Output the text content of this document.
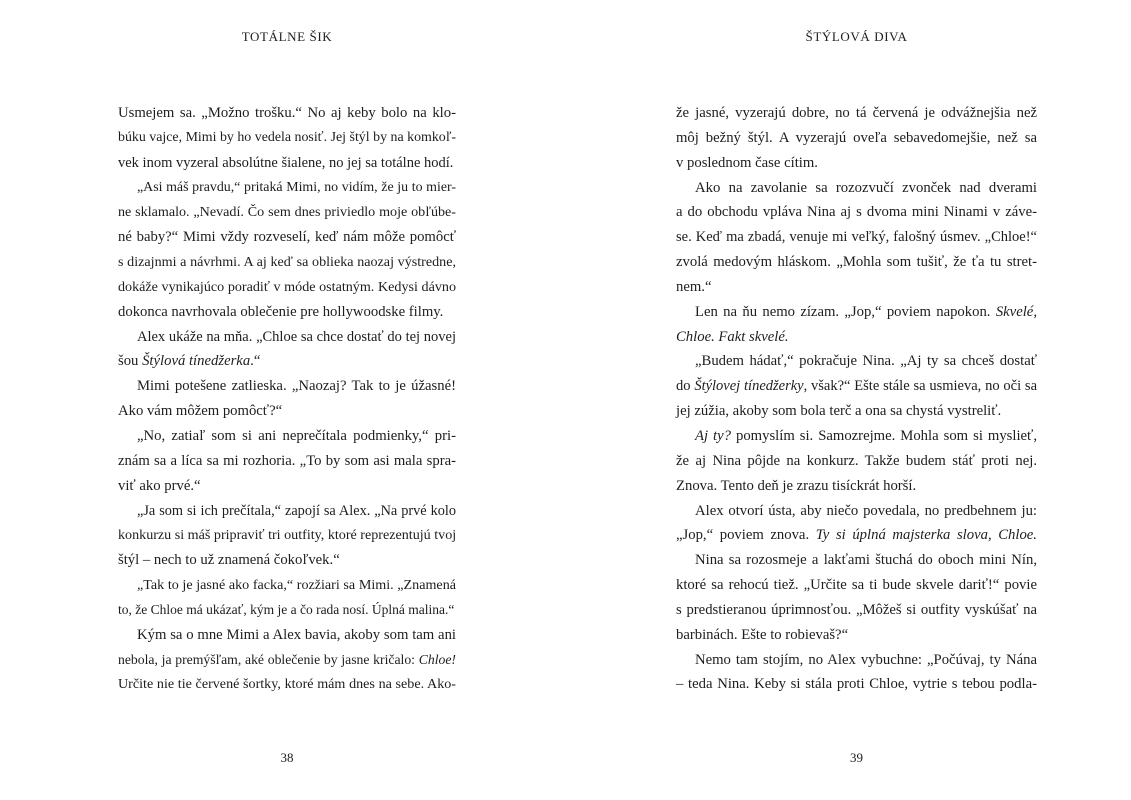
TOTÁLNE ŠIK
Usmejem sa. „Možno trošku.“ No aj keby bolo na klo-
búku vajce, Mimi by ho vedela nosiť. Jej štýl by na komkoľ-
vek inom vyzeral absolútne šialene, no jej sa totálne hodí.
„Asi máš pravdu,“ pritaká Mimi, no vidím, že ju to mier-
ne sklamalo. „Nevadí. Čo sem dnes priviedlo moje obľúbe-
né baby?“ Mimi vždy rozveselí, keď nám môže pomôcť
s dizajnmi a návrhmi. A aj keď sa oblieka naozaj výstredne,
dokáže vynikajúco poradiť v móde ostatným. Kedysi dávno
dokonca navrhovala oblečenie pre hollywoodske filmy.
Alex ukáže na mňa. „Chloe sa chce dostať do tej novej
šou Štýlová tínedžerka.“
Mimi potešene zatlieska. „Naozaj? Tak to je úžasné!
Ako vám môžem pomôcť?“
„No, zatiaľ som si ani neprečítala podmienky,“ pri-
znám sa a líca sa mi rozhoria. „To by som asi mala spra-
viť ako prvé.“
„Ja som si ich prečítala,“ zapojí sa Alex. „Na prvé kolo
konkurzu si máš pripraviť tri outfity, ktoré reprezentujú tvoj
štýl – nech to už znamená čokoľvek.“
„Tak to je jasné ako facka,“ rozžiari sa Mimi. „Znamená
to, že Chloe má ukázať, kým je a čo rada nosí. Úplná malina.“
Kým sa o mne Mimi a Alex bavia, akoby som tam ani
nebola, ja premýšľam, aké oblečenie by jasne kričalo: Chloe!
Určite nie tie červené šortky, ktoré mám dnes na sebe. Ako-
38
ŠTÝLOVÁ DIVA
že jasné, vyzerajú dobre, no tá červená je odvážnejšia než
môj bežný štýl. A vyzerajú oveľa sebavedomejšie, než sa
v poslednom čase cítim.
Ako na zavolanie sa rozozvučí zvonček nad dverami
a do obchodu vpláva Nina aj s dvoma mini Ninami v záve-
se. Keď ma zbadá, venuje mi veľký, falošný úsmev. „Chloe!“
zvolá medovým hláskom. „Mohla som tušiť, že ťa tu stret-
nem.“
Len na ňu nemo zízam. „Jop,“ poviem napokon. Skvelé,
Chloe. Fakt skvelé.
„Budem hádať,“ pokračuje Nina. „Aj ty sa chceš dostať
do Štýlovej tínedžerky, však?“ Ešte stále sa usmieva, no oči sa
jej zúžia, akoby som bola terč a ona sa chystá vystreliť.
Aj ty? pomyslím si. Samozrejme. Mohla som si myslieť,
že aj Nina pôjde na konkurz. Takže budem stáť proti nej.
Znova. Tento deň je zrazu tisíckrát horší.
Alex otvorí ústa, aby niečo povedala, no predbehnem ju:
„Jop,“ poviem znova. Ty si úplná majsterka slova, Chloe.
Nina sa rozosmeje a lakťami štuchá do oboch mini Nín,
ktoré sa rehocú tiež. „Určite sa ti bude skvele dariť!“ povie
s predstieranou úprimnosťou. „Môžeš si outfity vyskúšať na
barbinách. Ešte to robievaš?“
Nemo tam stojím, no Alex vybuchne: „Počúvaj, ty Nána
– teda Nina. Keby si stála proti Chloe, vytrie s tebou podla-
39
